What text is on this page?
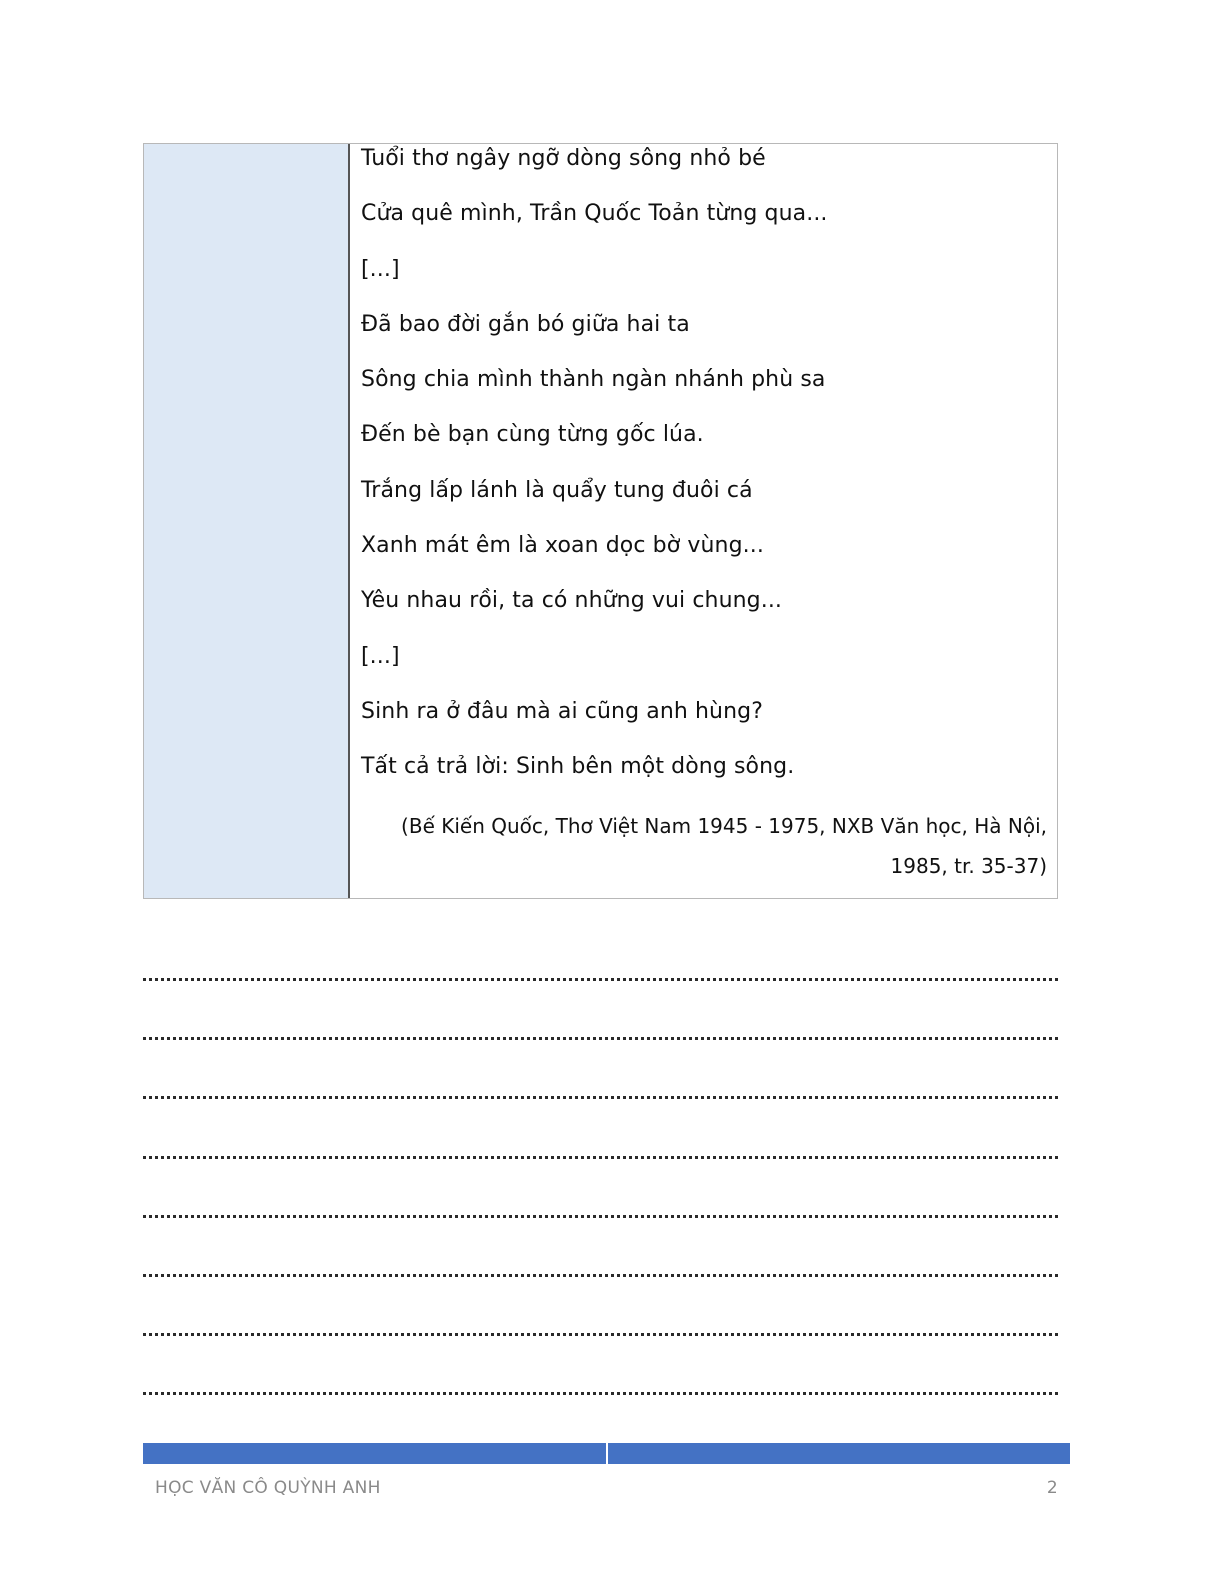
Tuổi thơ ngây ngỡ dòng sông nhỏ bé
Cửa quê mình, Trần Quốc Toản từng qua...
[...]
Đã bao đời gắn bó giữa hai ta
Sông chia mình thành ngàn nhánh phù sa
Đến bè bạn cùng từng gốc lúa.
Trắng lấp lánh là quẩy tung đuôi cá
Xanh mát êm là xoan dọc bờ vùng...
Yêu nhau rồi, ta có những vui chung...
[...]
Sinh ra ở đâu mà ai cũng anh hùng?
Tất cả trả lời: Sinh bên một dòng sông.
(Bế Kiến Quốc, Thơ Việt Nam 1945 - 1975, NXB Văn học, Hà Nội, 1985, tr. 35-37)
HỌC VĂN CÔ QUỲNH ANH	2
